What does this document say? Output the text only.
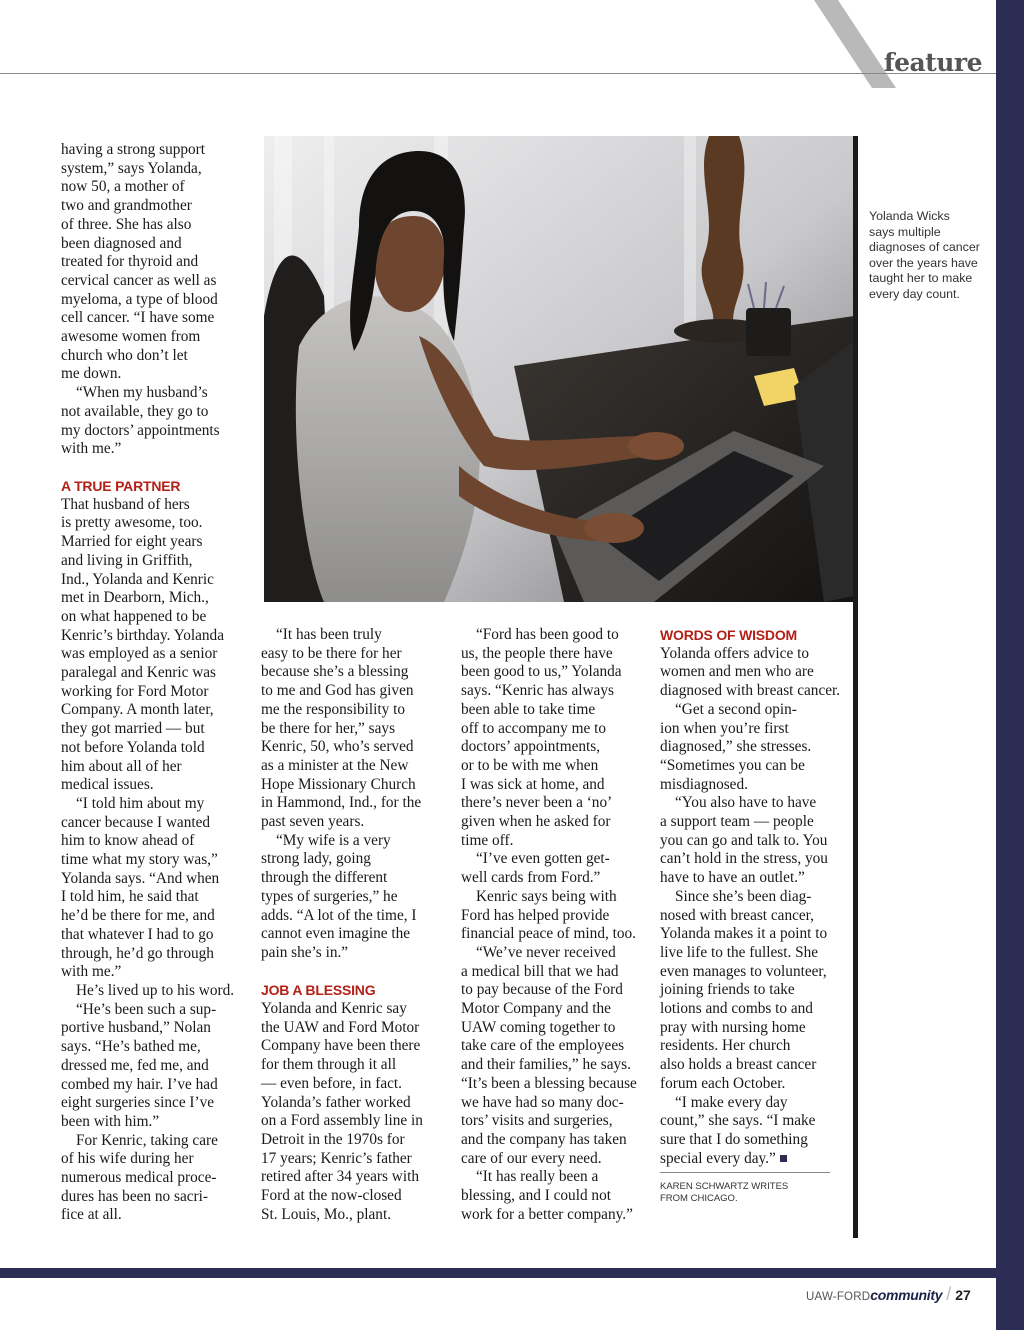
feature
having a strong support
system,” says Yolanda,
now 50, a mother of
two and grandmother
of three. She has also
been diagnosed and
treated for thyroid and
cervical cancer as well as
myeloma, a type of blood
cell cancer. “I have some
awesome women from
church who don’t let
me down.
“When my husband’s
not available, they go to
my doctors’ appointments
with me.”
A TRUE PARTNER
That husband of hers
is pretty awesome, too.
Married for eight years
and living in Griffith,
Ind., Yolanda and Kenric
met in Dearborn, Mich.,
on what happened to be
Kenric’s birthday. Yolanda
was employed as a senior
paralegal and Kenric was
working for Ford Motor
Company. A month later,
they got married — but
not before Yolanda told
him about all of her
medical issues.
“I told him about my
cancer because I wanted
him to know ahead of
time what my story was,”
Yolanda says. “And when
I told him, he said that
he’d be there for me, and
that whatever I had to go
through, he’d go through
with me.”
He’s lived up to his word.
“He’s been such a sup-
portive husband,” Nolan
says. “He’s bathed me,
dressed me, fed me, and
combed my hair. I’ve had
eight surgeries since I’ve
been with him.”
For Kenric, taking care
of his wife during her
numerous medical proce-
dures has been no sacri-
fice at all.
Yolanda Wicks
says multiple
diagnoses of cancer
over the years have
taught her to make
every day count.
“It has been truly
easy to be there for her
because she’s a blessing
to me and God has given
me the responsibility to
be there for her,” says
Kenric, 50, who’s served
as a minister at the New
Hope Missionary Church
in Hammond, Ind., for the
past seven years.
“My wife is a very
strong lady, going
through the different
types of surgeries,” he
adds. “A lot of the time, I
cannot even imagine the
pain she’s in.”
JOB A BLESSING
Yolanda and Kenric say
the UAW and Ford Motor
Company have been there
for them through it all
— even before, in fact.
Yolanda’s father worked
on a Ford assembly line in
Detroit in the 1970s for
17 years; Kenric’s father
retired after 34 years with
Ford at the now-closed
St. Louis, Mo., plant.
“Ford has been good to
us, the people there have
been good to us,” Yolanda
says. “Kenric has always
been able to take time
off to accompany me to
doctors’ appointments,
or to be with me when
I was sick at home, and
there’s never been a ‘no’
given when he asked for
time off.
“I’ve even gotten get-
well cards from Ford.”
Kenric says being with
Ford has helped provide
financial peace of mind, too.
“We’ve never received
a medical bill that we had
to pay because of the Ford
Motor Company and the
UAW coming together to
take care of the employees
and their families,” he says.
“It’s been a blessing because
we have had so many doc-
tors’ visits and surgeries,
and the company has taken
care of our every need.
“It has really been a
blessing, and I could not
work for a better company.”
WORDS OF WISDOM
Yolanda offers advice to
women and men who are
diagnosed with breast cancer.
“Get a second opin-
ion when you’re first
diagnosed,” she stresses.
“Sometimes you can be
misdiagnosed.
“You also have to have
a support team — people
you can go and talk to. You
can’t hold in the stress, you
have to have an outlet.”
Since she’s been diag-
nosed with breast cancer,
Yolanda makes it a point to
live life to the fullest. She
even manages to volunteer,
joining friends to take
lotions and combs to and
pray with nursing home
residents. Her church
also holds a breast cancer
forum each October.
“I make every day
count,” she says. “I make
sure that I do something
special every day.”
KAREN SCHWARTZ WRITES
FROM CHICAGO.
UAW-FORD community / 27
